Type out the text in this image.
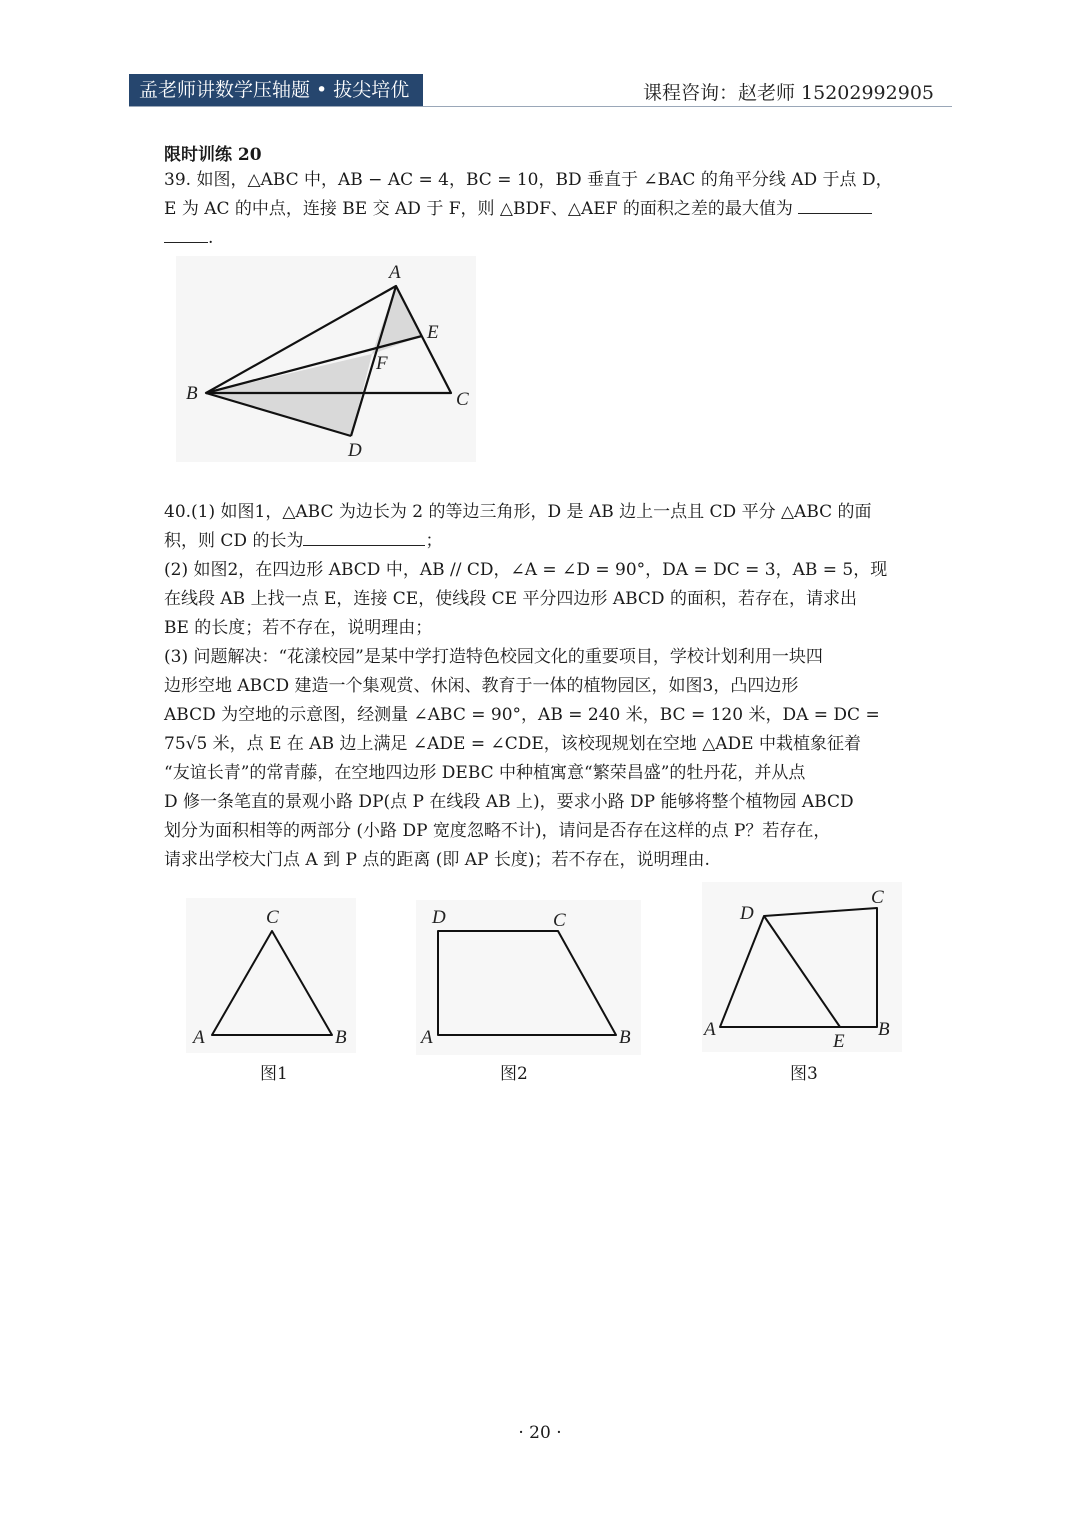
孟老师讲数学压轴题 • 拔尖培优	课程咨询：赵老师 15202992905
限时训练 20
39. 如图，△ABC 中，AB − AC = 4，BC = 10，BD 垂直于 ∠BAC 的角平分线 AD 于点 D，
E 为 AC 的中点，连接 BE 交 AD 于 F，则 △BDF、△AEF 的面积之差的最大值为
.
A
B	C
D
E
F
40.(1) 如图1，△ABC 为边长为 2 的等边三角形，D 是 AB 边上一点且 CD 平分 △ABC 的面
积，则 CD 的长为	；
(2) 如图2，在四边形 ABCD 中，AB // CD，∠A = ∠D = 90°，DA = DC = 3，AB = 5，现
在线段 AB 上找一点 E，连接 CE，使线段 CE 平分四边形 ABCD 的面积，若存在，请求出
BE 的长度；若不存在，说明理由；
(3) 问题解决：“花漾校园”是某中学打造特色校园文化的重要项目，学校计划利用一块四
边形空地 ABCD 建造一个集观赏、休闲、教育于一体的植物园区，如图3，凸四边形
ABCD 为空地的示意图，经测量 ∠ABC = 90°，AB = 240 米，BC = 120 米，DA = DC =
75√5 米，点 E 在 AB 边上满足 ∠ADE = ∠CDE，该校现规划在空地 △ADE 中栽植象征着
“友谊长青”的常青藤，在空地四边形 DEBC 中种植寓意“繁荣昌盛”的牡丹花，并从点
D 修一条笔直的景观小路 DP(点 P 在线段 AB 上)，要求小路 DP 能够将整个植物园 ABCD
划分为面积相等的两部分 (小路 DP 宽度忽略不计)，请问是否存在这样的点 P？若存在，
请求出学校大门点 A 到 P 点的距离 (即 AP 长度)；若不存在，说明理由.
C
A	B
图1
D	C
A	B
图2
D
C
A	B
E
图3
· 20 ·
